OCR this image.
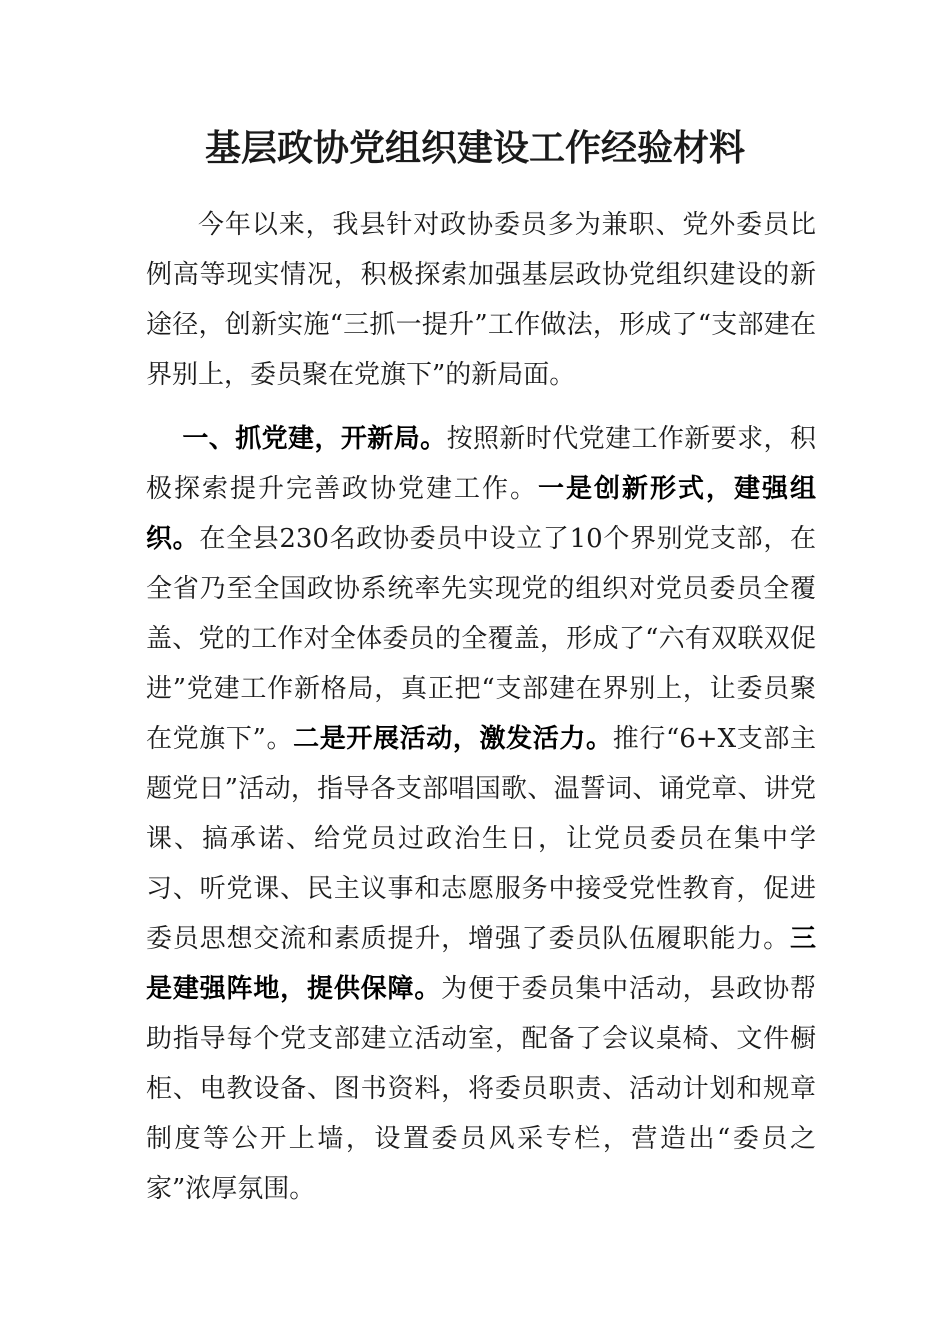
基层政协党组织建设工作经验材料

今年以来，我县针对政协委员多为兼职、党外委员比例高等现实情况，积极探索加强基层政协党组织建设的新途径，创新实施“三抓一提升”工作做法，形成了“支部建在界别上，委员聚在党旗下”的新局面。

一、抓党建，开新局。按照新时代党建工作新要求，积极探索提升完善政协党建工作。一是创新形式，建强组织。在全县230名政协委员中设立了10个界别党支部，在全省乃至全国政协系统率先实现党的组织对党员委员全覆盖、党的工作对全体委员的全覆盖，形成了“六有双联双促进”党建工作新格局，真正把“支部建在界别上，让委员聚在党旗下”。二是开展活动，激发活力。推行“6+X支部主题党日”活动，指导各支部唱国歌、温誓词、诵党章、讲党课、搞承诺、给党员过政治生日，让党员委员在集中学习、听党课、民主议事和志愿服务中接受党性教育，促进委员思想交流和素质提升，增强了委员队伍履职能力。三是建强阵地，提供保障。为便于委员集中活动，县政协帮助指导每个党支部建立活动室，配备了会议桌椅、文件橱柜、电教设备、图书资料，将委员职责、活动计划和规章制度等公开上墙，设置委员风采专栏，营造出“委员之家”浓厚氛围。
